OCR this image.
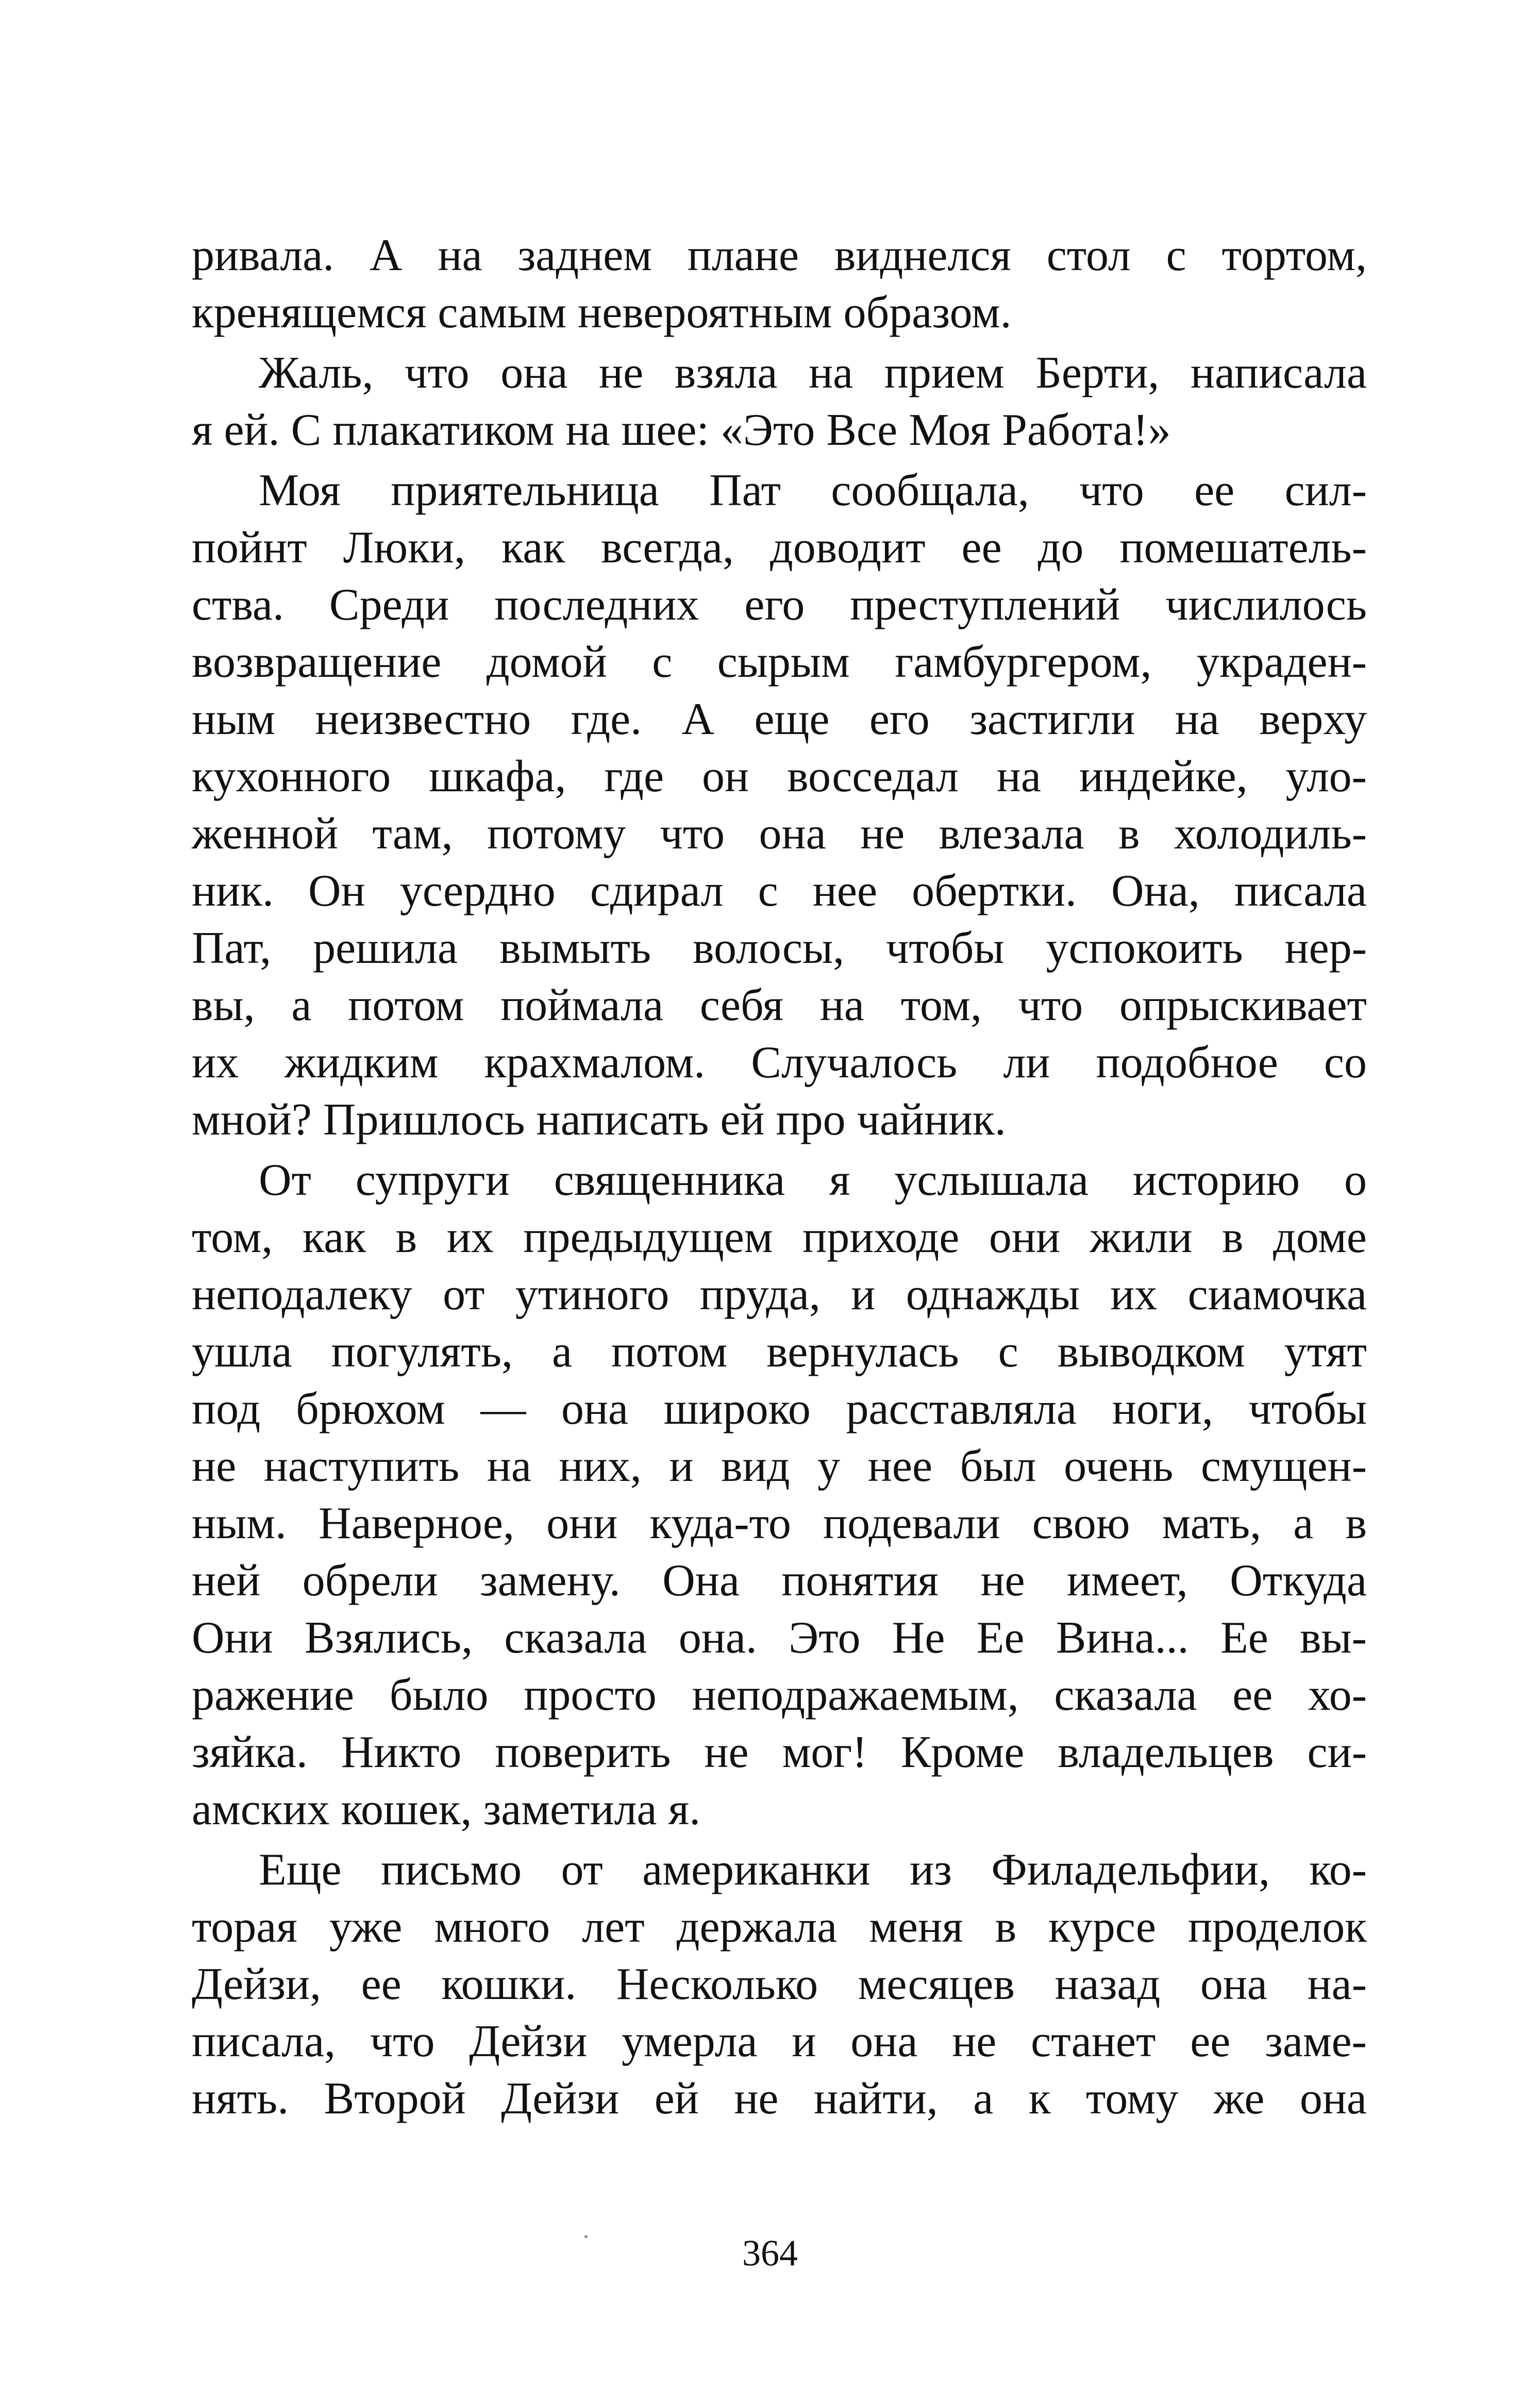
ривала. А на заднем плане виднелся стол с тортом,
кренящемся самым невероятным образом.
Жаль, что она не взяла на прием Берти, написала
я ей. С плакатиком на шее: «Это Все Моя Работа!»
Моя приятельница Пат сообщала, что ее сил-
пойнт Люки, как всегда, доводит ее до помешатель-
ства. Среди последних его преступлений числилось
возвращение домой с сырым гамбургером, украден-
ным неизвестно где. А еще его застигли на верху
кухонного шкафа, где он восседал на индейке, уло-
женной там, потому что она не влезала в холодиль-
ник. Он усердно сдирал с нее обертки. Она, писала
Пат, решила вымыть волосы, чтобы успокоить нер-
вы, а потом поймала себя на том, что опрыскивает
их жидким крахмалом. Случалось ли подобное со
мной? Пришлось написать ей про чайник.
От супруги священника я услышала историю о
том, как в их предыдущем приходе они жили в доме
неподалеку от утиного пруда, и однажды их сиамочка
ушла погулять, а потом вернулась с выводком утят
под брюхом — она широко расставляла ноги, чтобы
не наступить на них, и вид у нее был очень смущен-
ным. Наверное, они куда-то подевали свою мать, а в
ней обрели замену. Она понятия не имеет, Откуда
Они Взялись, сказала она. Это Не Ее Вина... Ее вы-
ражение было просто неподражаемым, сказала ее хо-
зяйка. Никто поверить не мог! Кроме владельцев си-
амских кошек, заметила я.
Еще письмо от американки из Филадельфии, ко-
торая уже много лет держала меня в курсе проделок
Дейзи, ее кошки. Несколько месяцев назад она на-
писала, что Дейзи умерла и она не станет ее заме-
нять. Второй Дейзи ей не найти, а к тому же она
364
